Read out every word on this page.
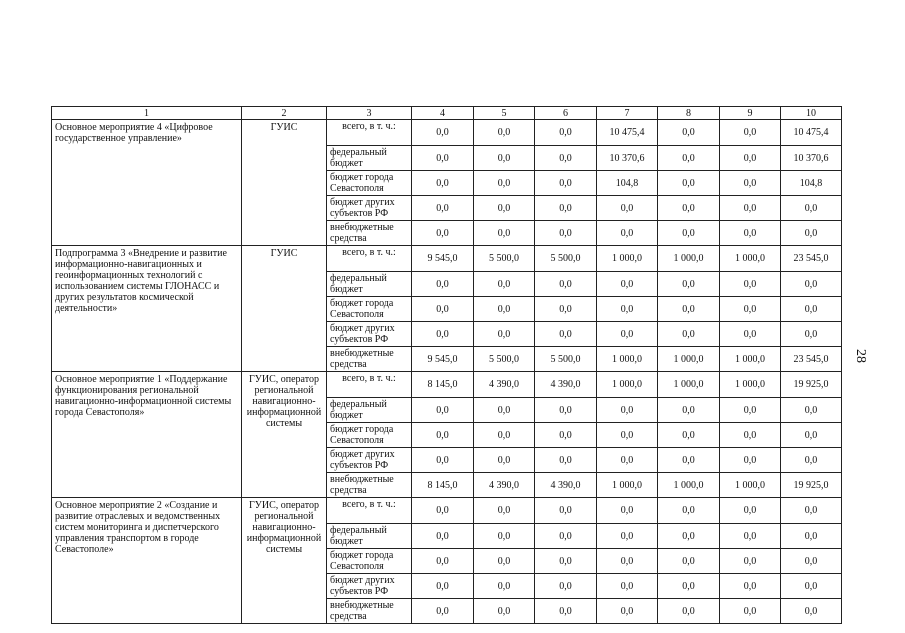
28
1	2	3	4	5	6	7	8	9	10
Основное мероприятие 4 «Цифровое государственное управление»	ГУИС	всего, в т. ч.:	0,0	0,0	0,0	10 475,4	0,0	0,0	10 475,4
		федеральный бюджет	0,0	0,0	0,0	10 370,6	0,0	0,0	10 370,6
		бюджет города Севастополя	0,0	0,0	0,0	104,8	0,0	0,0	104,8
		бюджет других субъектов РФ	0,0	0,0	0,0	0,0	0,0	0,0	0,0
		внебюджетные средства	0,0	0,0	0,0	0,0	0,0	0,0	0,0
Подпрограмма 3 «Внедрение и развитие информационно-навигационных и геоинформационных технологий с использованием системы ГЛОНАСС и других результатов космической деятельности»	ГУИС	всего, в т. ч.:	9 545,0	5 500,0	5 500,0	1 000,0	1 000,0	1 000,0	23 545,0
		федеральный бюджет	0,0	0,0	0,0	0,0	0,0	0,0	0,0
		бюджет города Севастополя	0,0	0,0	0,0	0,0	0,0	0,0	0,0
		бюджет других субъектов РФ	0,0	0,0	0,0	0,0	0,0	0,0	0,0
		внебюджетные средства	9 545,0	5 500,0	5 500,0	1 000,0	1 000,0	1 000,0	23 545,0
Основное мероприятие 1 «Поддержание функционирования региональной навигационно-информационной системы города Севастополя»	ГУИС, оператор региональной навигационно-информационной системы	всего, в т. ч.:	8 145,0	4 390,0	4 390,0	1 000,0	1 000,0	1 000,0	19 925,0
		федеральный бюджет	0,0	0,0	0,0	0,0	0,0	0,0	0,0
		бюджет города Севастополя	0,0	0,0	0,0	0,0	0,0	0,0	0,0
		бюджет других субъектов РФ	0,0	0,0	0,0	0,0	0,0	0,0	0,0
		внебюджетные средства	8 145,0	4 390,0	4 390,0	1 000,0	1 000,0	1 000,0	19 925,0
Основное мероприятие 2 «Создание и развитие отраслевых и ведомственных систем мониторинга и диспетчерского управления транспортом в городе Севастополе»	ГУИС, оператор региональной навигационно-информационной системы	всего, в т. ч.:	0,0	0,0	0,0	0,0	0,0	0,0	0,0
		федеральный бюджет	0,0	0,0	0,0	0,0	0,0	0,0	0,0
		бюджет города Севастополя	0,0	0,0	0,0	0,0	0,0	0,0	0,0
		бюджет других субъектов РФ	0,0	0,0	0,0	0,0	0,0	0,0	0,0
		внебюджетные средства	0,0	0,0	0,0	0,0	0,0	0,0	0,0
